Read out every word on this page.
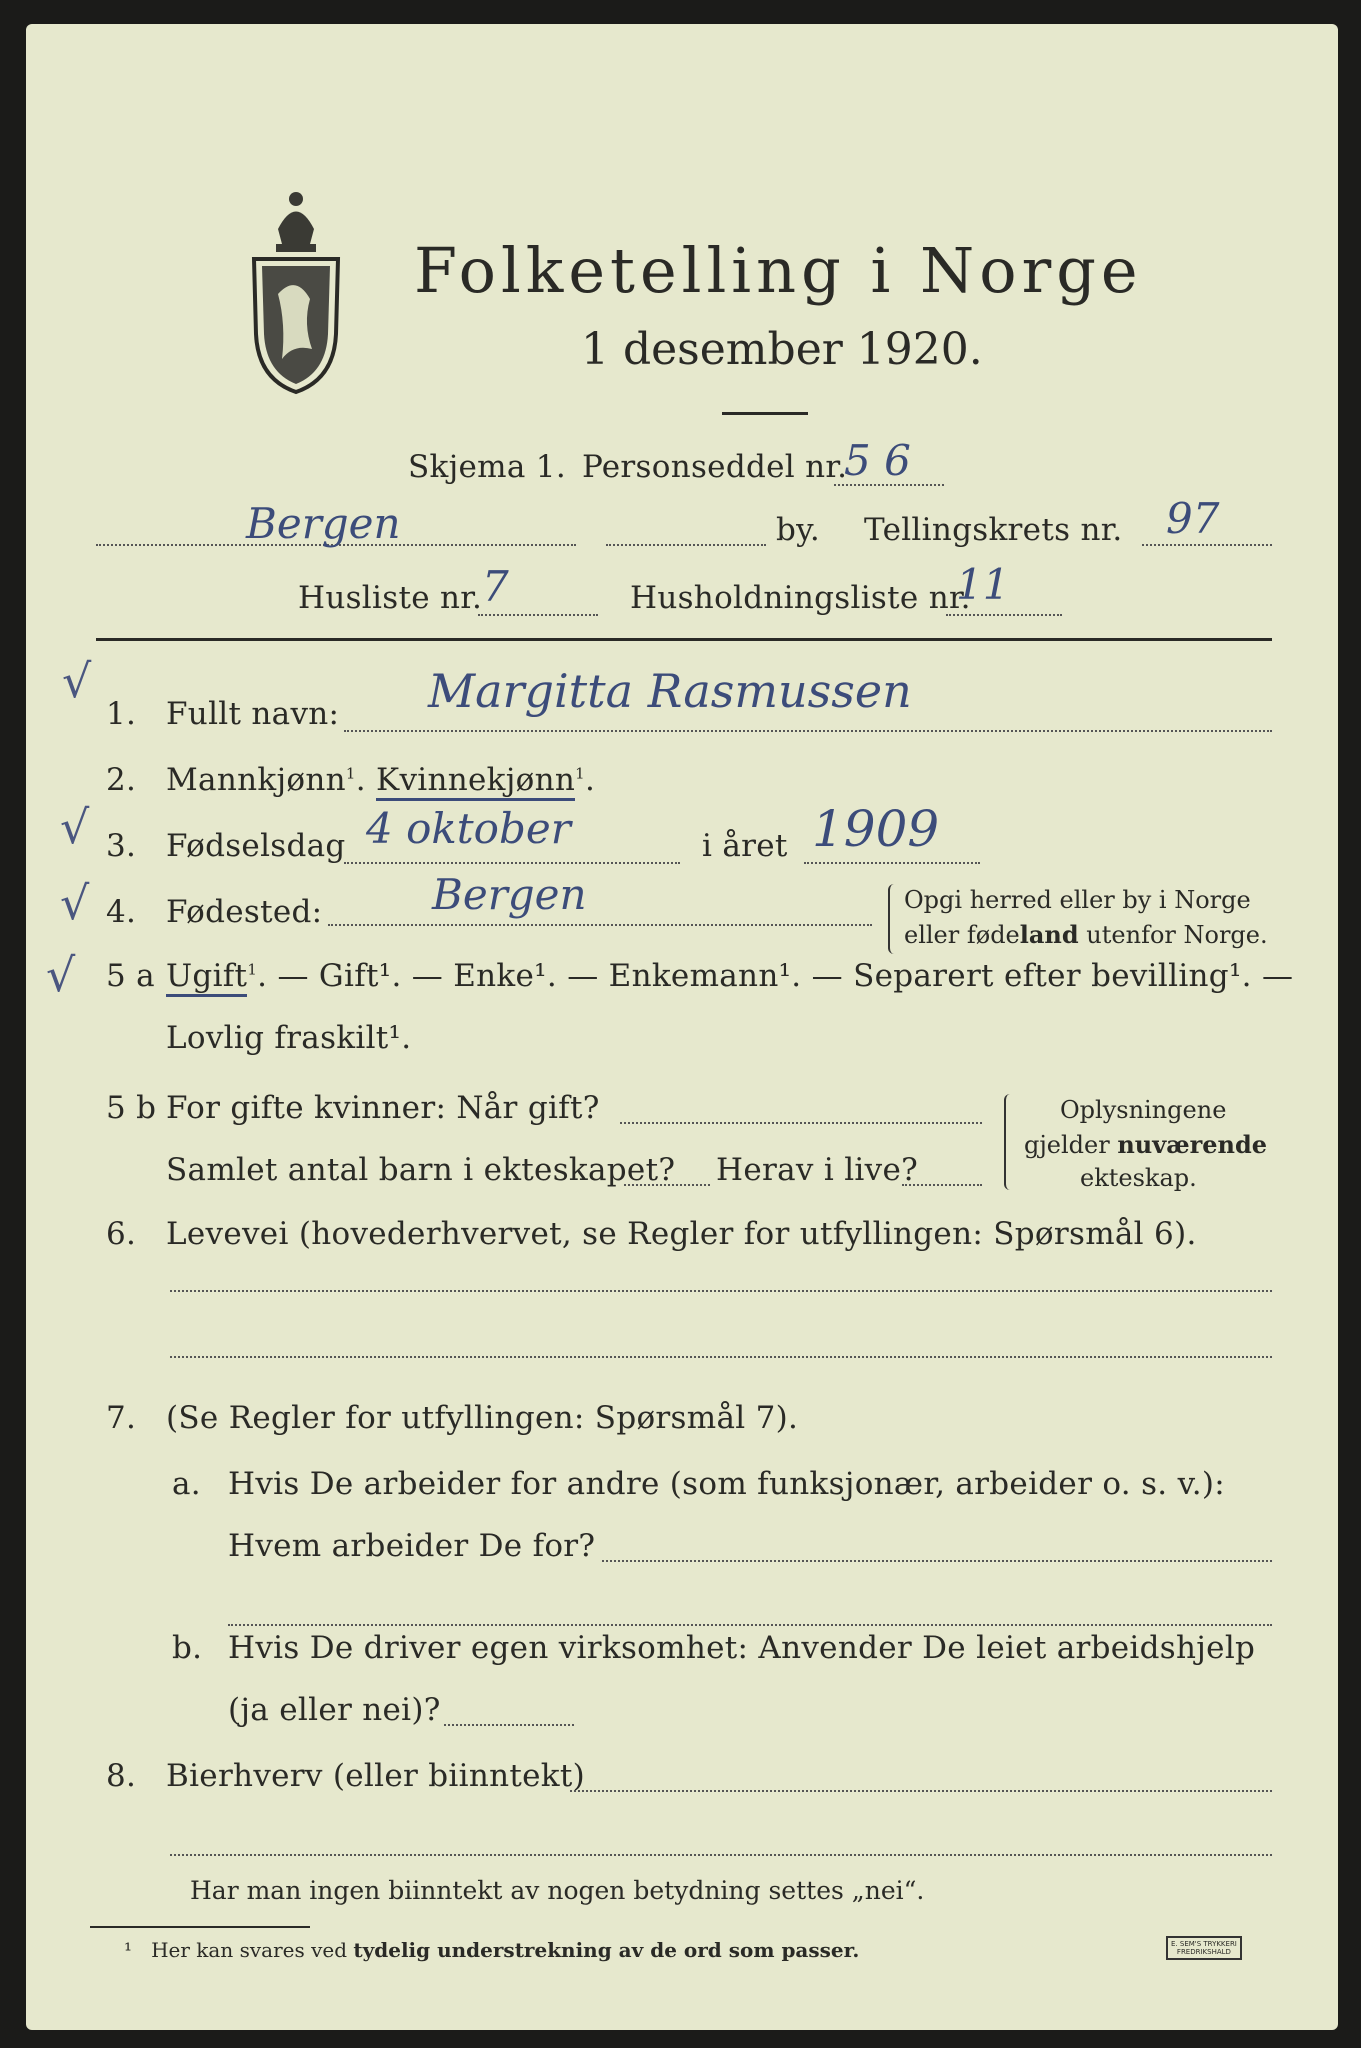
Folketelling i Norge
1 desember 1920.
Skjema 1. Personseddel nr.
5 6
Bergen	by. Tellingskrets nr. 97
Husliste nr. 7	Husholdningsliste nr.
11
√
√
√
√
1. Fullt navn: Margitta Rasmussen
2. Mannkjønn$^1$. Kvinnekjønn$^1$.
3. Fødselsdag 4 oktober	i året 1909
4. Fødested:	Bergen	Opgi herred eller by i Norge
eller fødeland utenfor Norge.
5 a Ugift$^1$. — Gift¹. — Enke¹. — Enkemann¹. — Separert efter bevilling¹. —
Lovlig fraskilt¹.
5 b For gifte kvinner: Når gift?
Samlet antal barn i ekteskapet? Herav i live?
Oplysningene
gjelder nuværende
ekteskap.
6. Levevei (hovederhvervet, se Regler for utfyllingen: Spørsmål 6).
7. (Se Regler for utfyllingen: Spørsmål 7).
a. Hvis De arbeider for andre (som funksjonær, arbeider o. s. v.):
Hvem arbeider De for?
b. Hvis De driver egen virksomhet: Anvender De leiet arbeidshjelp
(ja eller nei)?
8. Bierhverv (eller biinntekt)
Har man ingen biinntekt av nogen betydning settes „nei“.
¹ Her kan svares ved tydelig understrekning av de ord som passer.	E. SEM'S TRYKKERI
FREDRIKSHALD
